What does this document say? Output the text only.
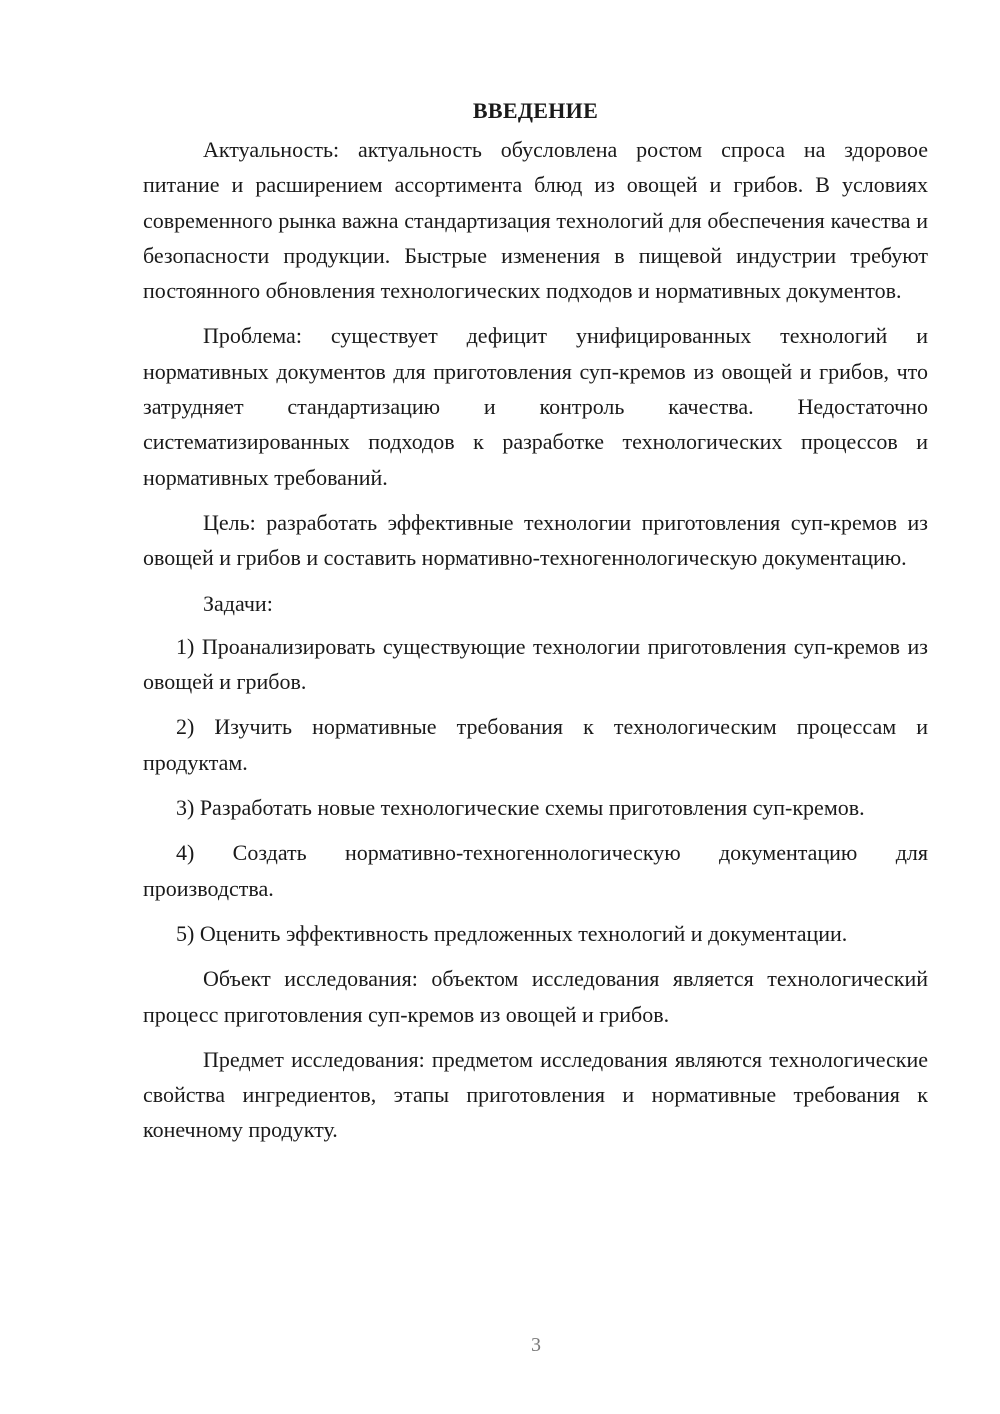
ВВЕДЕНИЕ

Актуальность: актуальность обусловлена ростом спроса на здоровое питание и расширением ассортимента блюд из овощей и грибов. В условиях современного рынка важна стандартизация технологий для обеспечения качества и безопасности продукции. Быстрые изменения в пищевой индустрии требуют постоянного обновления технологических подходов и нормативных документов.

Проблема: существует дефицит унифицированных технологий и нормативных документов для приготовления суп-кремов из овощей и грибов, что затрудняет стандартизацию и контроль качества. Недостаточно систематизированных подходов к разработке технологических процессов и нормативных требований.

Цель: разработать эффективные технологии приготовления суп-кремов из овощей и грибов и составить нормативно-техногеннологическую документацию.

Задачи:

1) Проанализировать существующие технологии приготовления суп-кремов из овощей и грибов.

2) Изучить нормативные требования к технологическим процессам и продуктам.

3) Разработать новые технологические схемы приготовления суп-кремов.

4) Создать нормативно-техногеннологическую документацию для производства.

5) Оценить эффективность предложенных технологий и документации.

Объект исследования: объектом исследования является технологический процесс приготовления суп-кремов из овощей и грибов.

Предмет исследования: предметом исследования являются технологические свойства ингредиентов, этапы приготовления и нормативные требования к конечному продукту.

3
